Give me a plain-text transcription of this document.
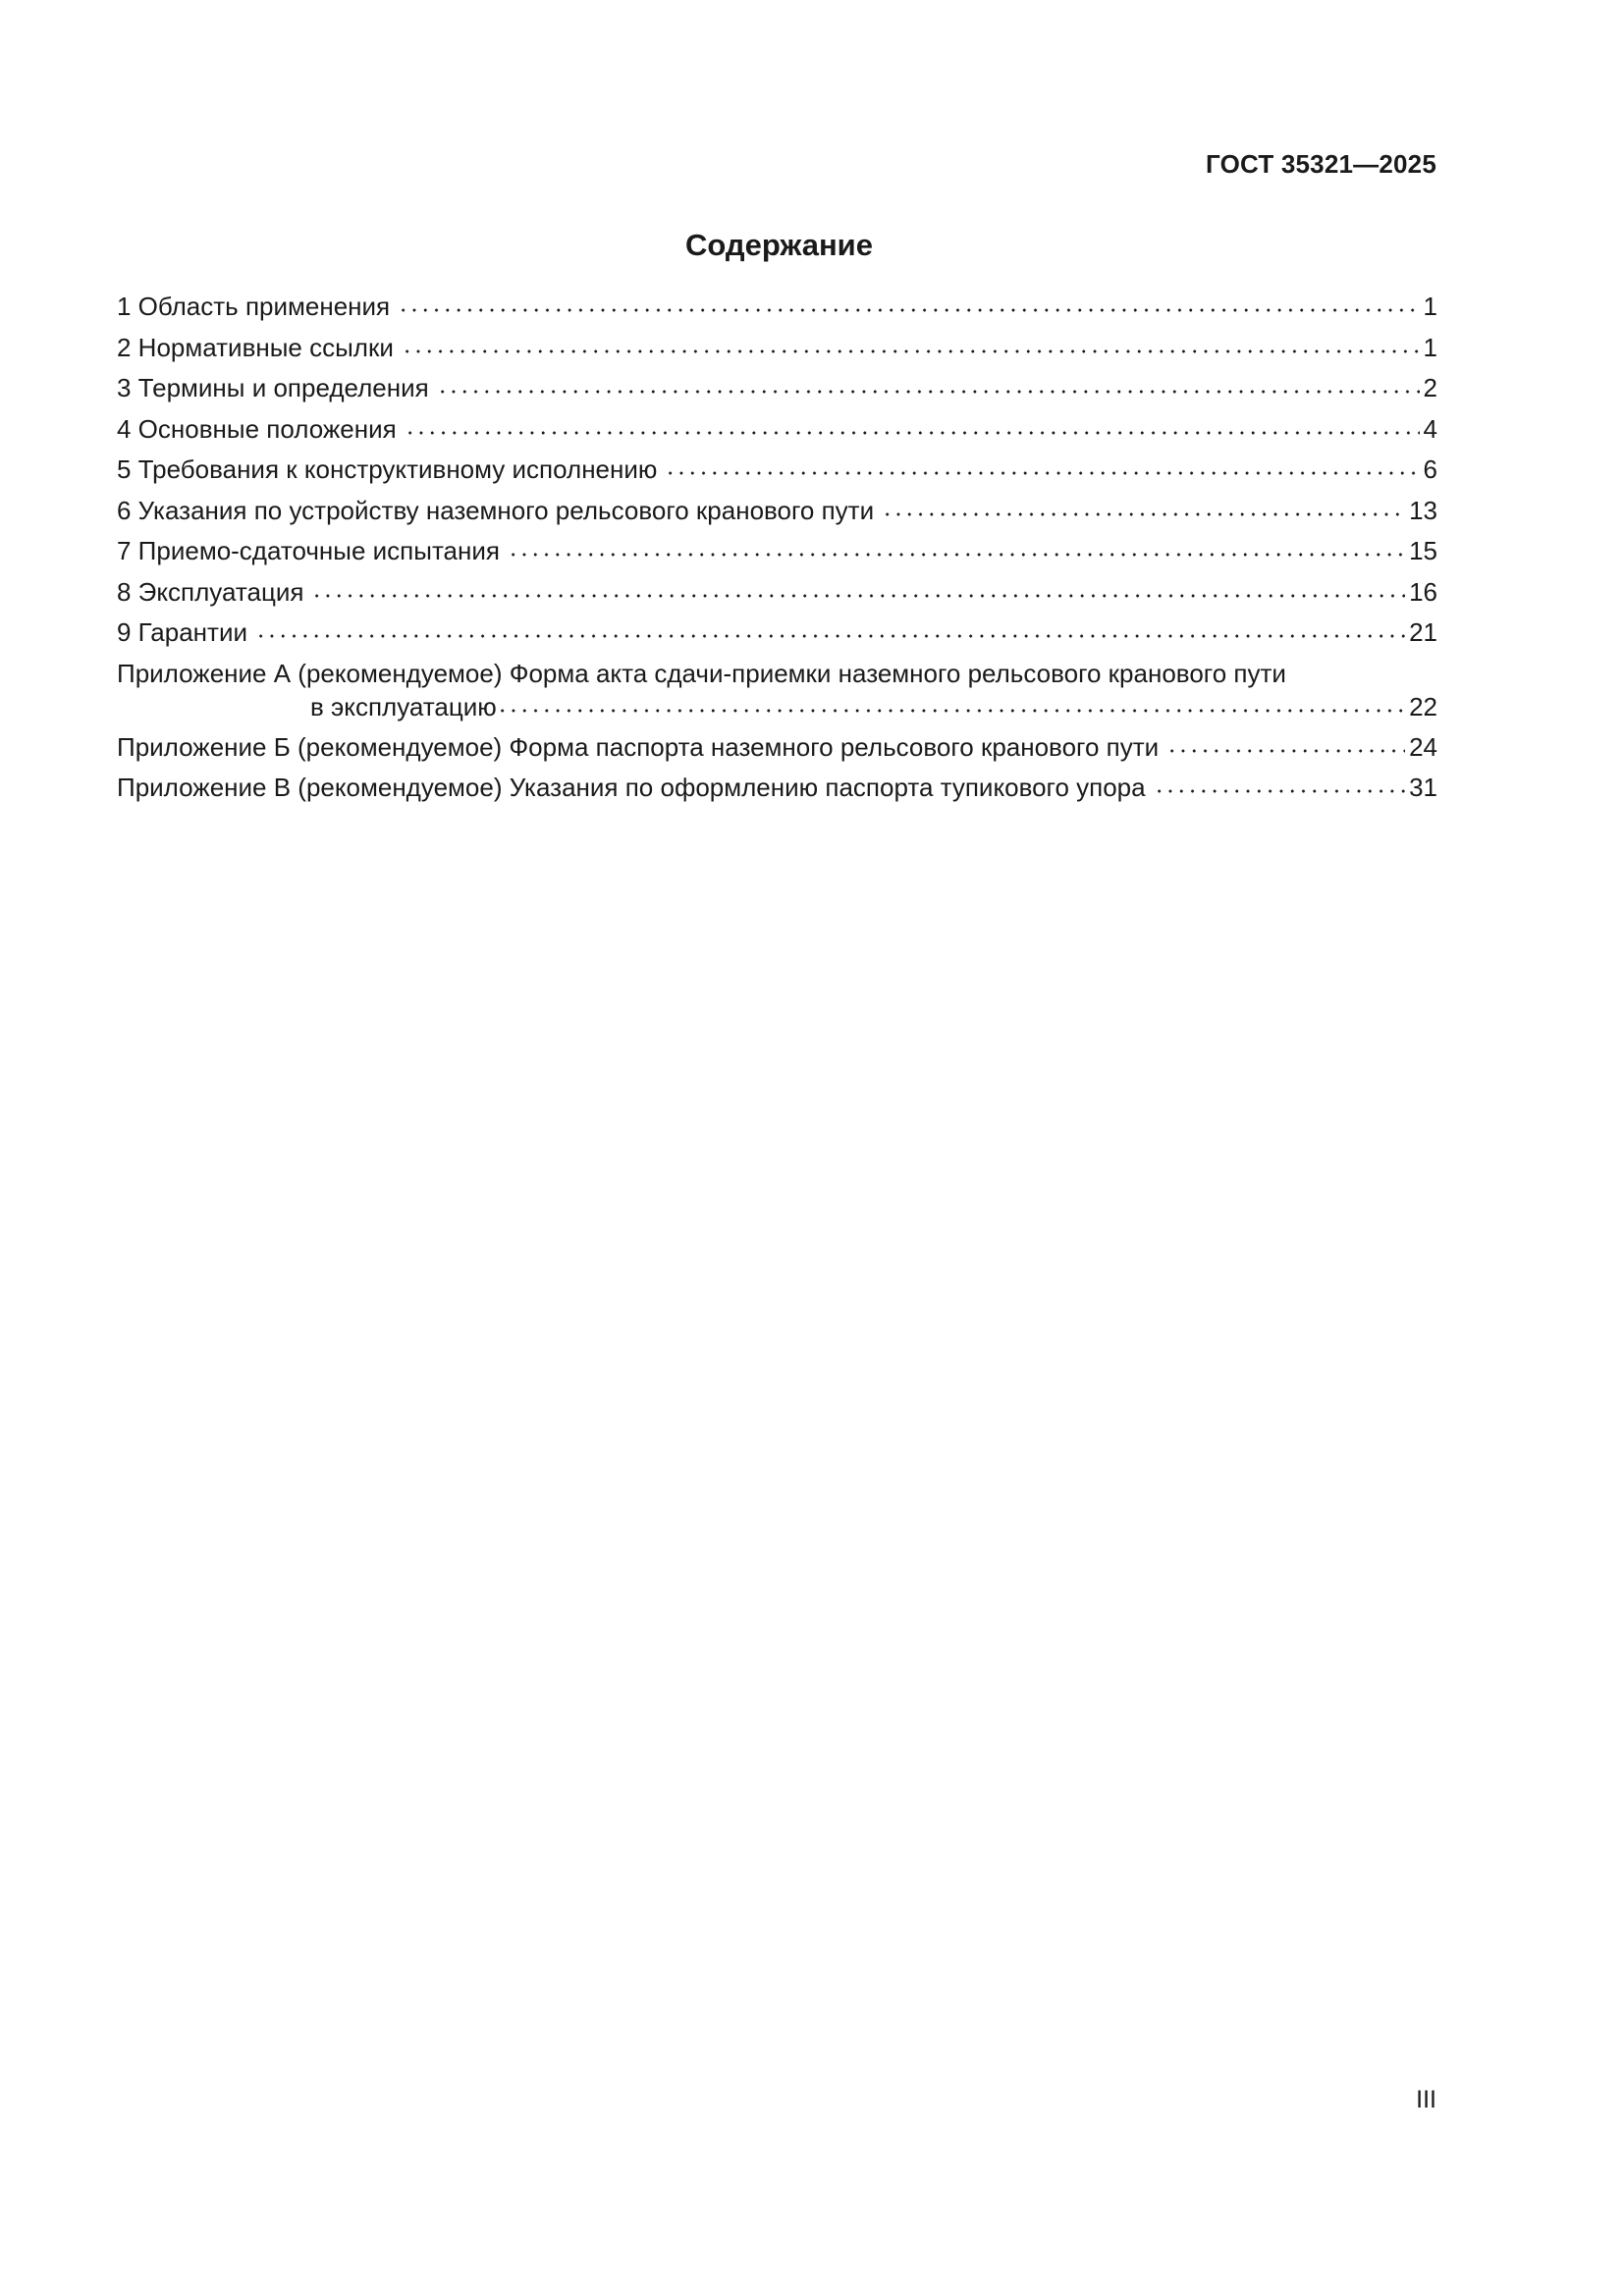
ГОСТ 35321—2025
Содержание
1 Область применения	1
2 Нормативные ссылки	1
3 Термины и определения	2
4 Основные положения	4
5 Требования к конструктивному исполнению	6
6 Указания по устройству наземного рельсового кранового пути	13
7 Приемо-сдаточные испытания	15
8 Эксплуатация	16
9 Гарантии	21
Приложение А (рекомендуемое) Форма акта сдачи-приемки наземного рельсового кранового пути
в эксплуатацию	22
Приложение Б (рекомендуемое) Форма паспорта наземного рельсового кранового пути	24
Приложение В (рекомендуемое) Указания по оформлению паспорта тупикового упора	31
III
